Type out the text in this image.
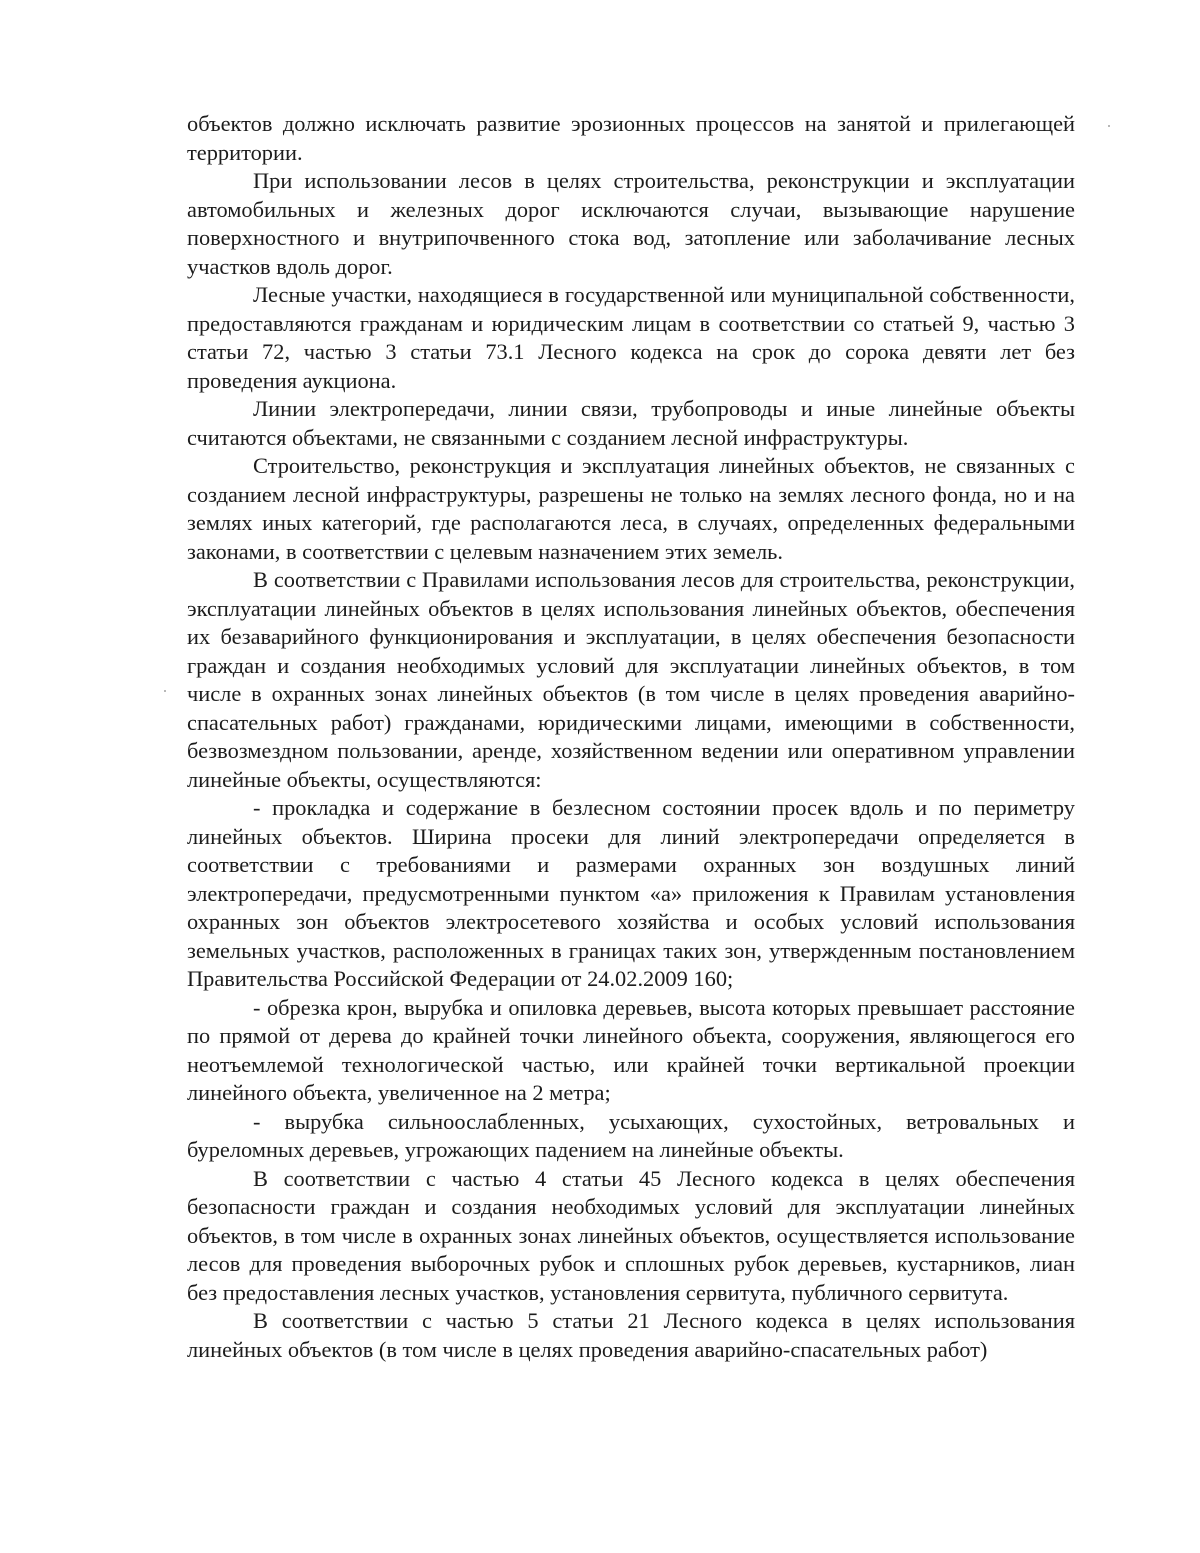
объектов должно исключать развитие эрозионных процессов на занятой и прилегающей территории.

При использовании лесов в целях строительства, реконструкции и эксплуатации автомобильных и железных дорог исключаются случаи, вызывающие нарушение поверхностного и внутрипочвенного стока вод, затопление или заболачивание лесных участков вдоль дорог.

Лесные участки, находящиеся в государственной или муниципальной собственности, предоставляются гражданам и юридическим лицам в соответствии со статьей 9, частью 3 статьи 72, частью 3 статьи 73.1 Лесного кодекса на срок до сорока девяти лет без проведения аукциона.

Линии электропередачи, линии связи, трубопроводы и иные линейные объекты считаются объектами, не связанными с созданием лесной инфраструктуры.

Строительство, реконструкция и эксплуатация линейных объектов, не связанных с созданием лесной инфраструктуры, разрешены не только на землях лесного фонда, но и на землях иных категорий, где располагаются леса, в случаях, определенных федеральными законами, в соответствии с целевым назначением этих земель.

В соответствии с Правилами использования лесов для строительства, реконструкции, эксплуатации линейных объектов в целях использования линейных объектов, обеспечения их безаварийного функционирования и эксплуатации, в целях обеспечения безопасности граждан и создания необходимых условий для эксплуатации линейных объектов, в том числе в охранных зонах линейных объектов (в том числе в целях проведения аварийно-спасательных работ) гражданами, юридическими лицами, имеющими в собственности, безвозмездном пользовании, аренде, хозяйственном ведении или оперативном управлении линейные объекты, осуществляются:

- прокладка и содержание в безлесном состоянии просек вдоль и по периметру линейных объектов. Ширина просеки для линий электропередачи определяется в соответствии с требованиями и размерами охранных зон воздушных линий электропередачи, предусмотренными пунктом «а» приложения к Правилам установления охранных зон объектов электросетевого хозяйства и особых условий использования земельных участков, расположенных в границах таких зон, утвержденным постановлением Правительства Российской Федерации от 24.02.2009 160;

- обрезка крон, вырубка и опиловка деревьев, высота которых превышает расстояние по прямой от дерева до крайней точки линейного объекта, сооружения, являющегося его неотъемлемой технологической частью, или крайней точки вертикальной проекции линейного объекта, увеличенное на 2 метра;

- вырубка сильноослабленных, усыхающих, сухостойных, ветровальных и буреломных деревьев, угрожающих падением на линейные объекты.

В соответствии с частью 4 статьи 45 Лесного кодекса в целях обеспечения безопасности граждан и создания необходимых условий для эксплуатации линейных объектов, в том числе в охранных зонах линейных объектов, осуществляется использование лесов для проведения выборочных рубок и сплошных рубок деревьев, кустарников, лиан без предоставления лесных участков, установления сервитута, публичного сервитута.

В соответствии с частью 5 статьи 21 Лесного кодекса в целях использования линейных объектов (в том числе в целях проведения аварийно-спасательных работ)
